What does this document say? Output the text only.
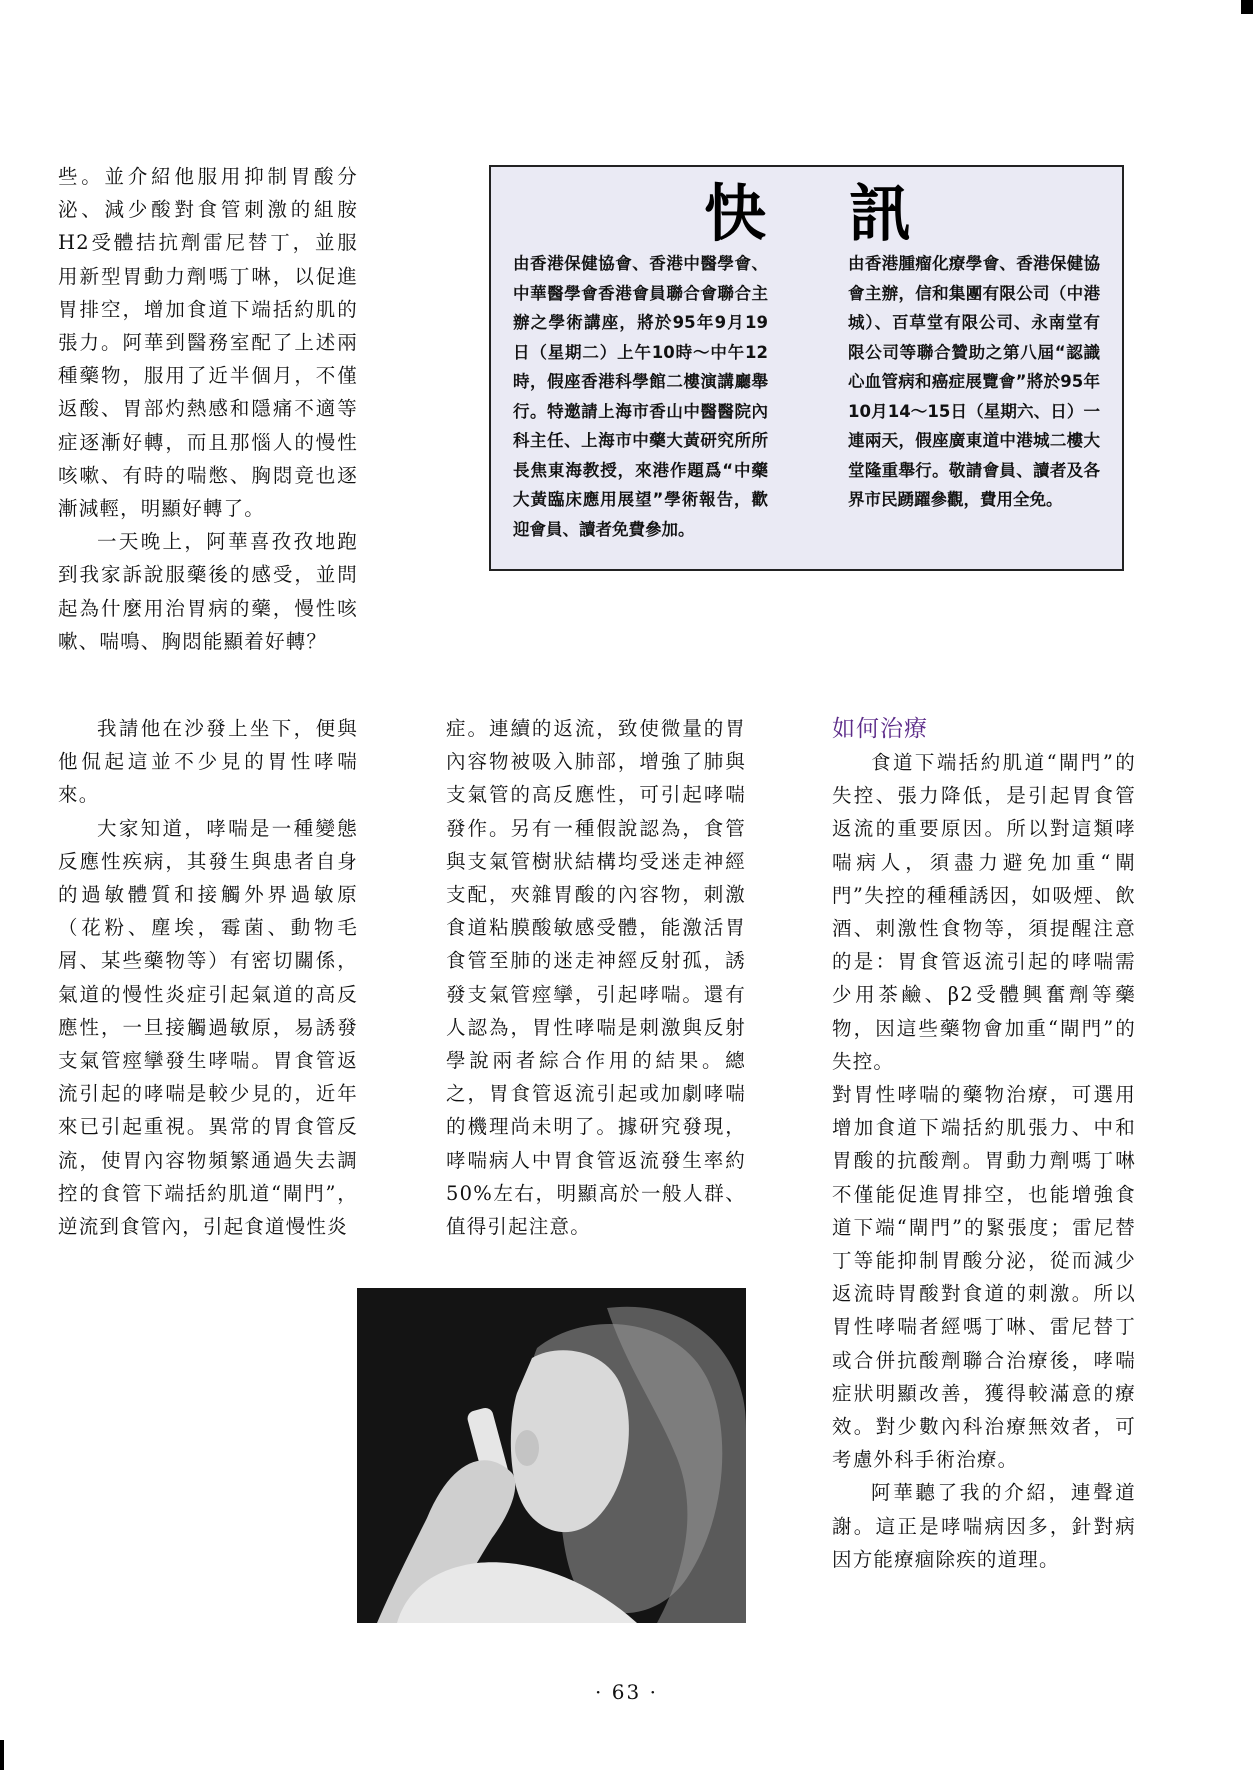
些。並介紹他服用抑制胃酸分泌、減少酸對食管刺激的組胺H2受體拮抗劑雷尼替丁，並服用新型胃動力劑嗎丁啉，以促進胃排空，增加食道下端括約肌的張力。阿華到醫務室配了上述兩種藥物，服用了近半個月，不僅返酸、胃部灼熱感和隱痛不適等症逐漸好轉，而且那惱人的慢性咳嗽、有時的喘憋、胸悶竟也逐漸減輕，明顯好轉了。

一天晚上，阿華喜孜孜地跑到我家訴說服藥後的感受，並問起為什麼用治胃病的藥，慢性咳嗽、喘鳴、胸悶能顯着好轉？

快 訊
由香港保健協會、香港中醫學會、中華醫學會香港會員聯合會聯合主辦之學術講座，將於95年9月19日（星期二）上午10時～中午12時，假座香港科學館二樓演講廳舉行。特邀請上海市香山中醫醫院內科主任、上海市中藥大黃研究所所長焦東海教授，來港作題爲“中藥大黃臨床應用展望”學術報告，歡迎會員、讀者免費參加。
由香港腫瘤化療學會、香港保健協會主辦，信和集團有限公司（中港城）、百草堂有限公司、永南堂有限公司等聯合贊助之第八屆“認識心血管病和癌症展覽會”將於95年10月14～15日（星期六、日）一連兩天，假座廣東道中港城二樓大堂隆重舉行。敬請會員、讀者及各界市民踴躍參觀，費用全免。

我請他在沙發上坐下，便與他侃起這並不少見的胃性哮喘來。

大家知道，哮喘是一種變態反應性疾病，其發生與患者自身的過敏體質和接觸外界過敏原（花粉、塵埃，霉菌、動物毛屑、某些藥物等）有密切關係，氣道的慢性炎症引起氣道的高反應性，一旦接觸過敏原，易誘發支氣管痙攣發生哮喘。胃食管返流引起的哮喘是較少見的，近年來已引起重視。異常的胃食管反流，使胃內容物頻繁通過失去調控的食管下端括約肌道“閘門”，逆流到食管內，引起食道慢性炎

症。連續的返流，致使微量的胃內容物被吸入肺部，增強了肺與支氣管的高反應性，可引起哮喘發作。另有一種假說認為，食管與支氣管樹狀結構均受迷走神經支配，夾雜胃酸的內容物，刺激食道粘膜酸敏感受體，能激活胃食管至肺的迷走神經反射孤，誘發支氣管痙攣，引起哮喘。還有人認為，胃性哮喘是刺激與反射學說兩者綜合作用的結果。總之，胃食管返流引起或加劇哮喘的機理尚未明了。據研究發現，哮喘病人中胃食管返流發生率約50%左右，明顯高於一般人群、值得引起注意。

如何治療

食道下端括約肌道“閘門”的失控、張力降低，是引起胃食管返流的重要原因。所以對這類哮喘病人，須盡力避免加重“閘門”失控的種種誘因，如吸煙、飲酒、刺激性食物等，須提醒注意的是：胃食管返流引起的哮喘需少用茶鹼、β2受體興奮劑等藥物，因這些藥物會加重“閘門”的失控。

對胃性哮喘的藥物治療，可選用增加食道下端括約肌張力、中和胃酸的抗酸劑。胃動力劑嗎丁啉不僅能促進胃排空，也能增強食道下端“閘門”的緊張度；雷尼替丁等能抑制胃酸分泌，從而減少返流時胃酸對食道的刺激。所以胃性哮喘者經嗎丁啉、雷尼替丁或合併抗酸劑聯合治療後，哮喘症狀明顯改善，獲得較滿意的療效。對少數內科治療無效者，可考慮外科手術治療。

阿華聽了我的介紹，連聲道謝。這正是哮喘病因多，針對病因方能療痼除疾的道理。

· 63 ·
